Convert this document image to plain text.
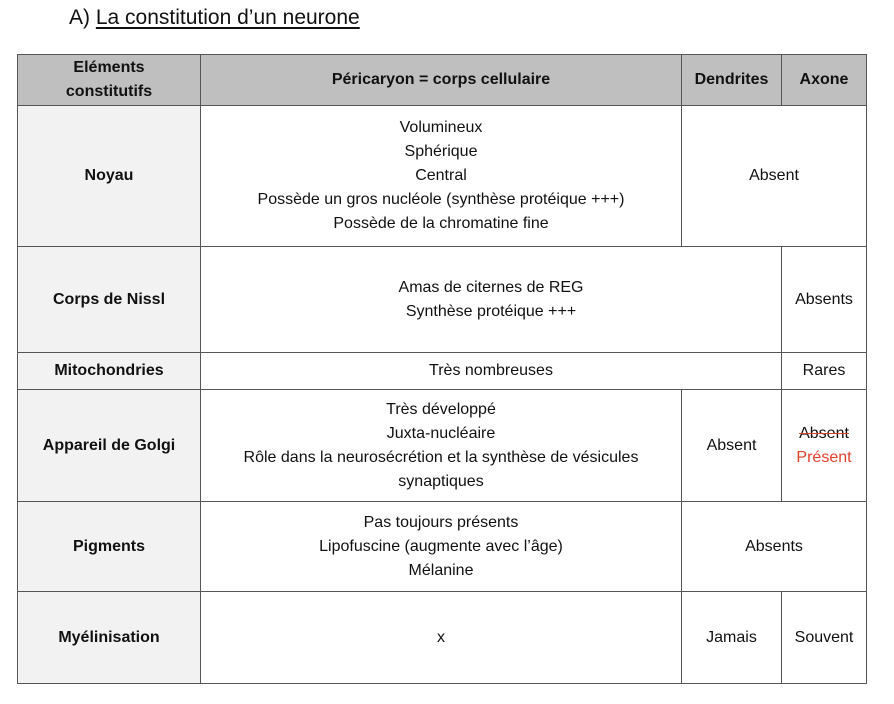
A) La constitution d’un neurone
Eléments
constitutifs	Péricaryon = corps cellulaire	Dendrites	Axone
Noyau	Volumineux
Sphérique
Central
Possède un gros nucléole (synthèse protéique +++)
Possède de la chromatine fine	Absent	
Corps de Nissl	Amas de citernes de REG
Synthèse protéique +++		Absents
Mitochondries	Très nombreuses		Rares
Appareil de Golgi	Très développé
Juxta-nucléaire
Rôle dans la neurosécrétion et la synthèse de vésicules
synaptiques	Absent	Absent
Présent

Pigments	Pas toujours présents
Lipofuscine (augmente avec l’âge)
Mélanine	Absents	
Myélinisation	x	Jamais	Souvent
